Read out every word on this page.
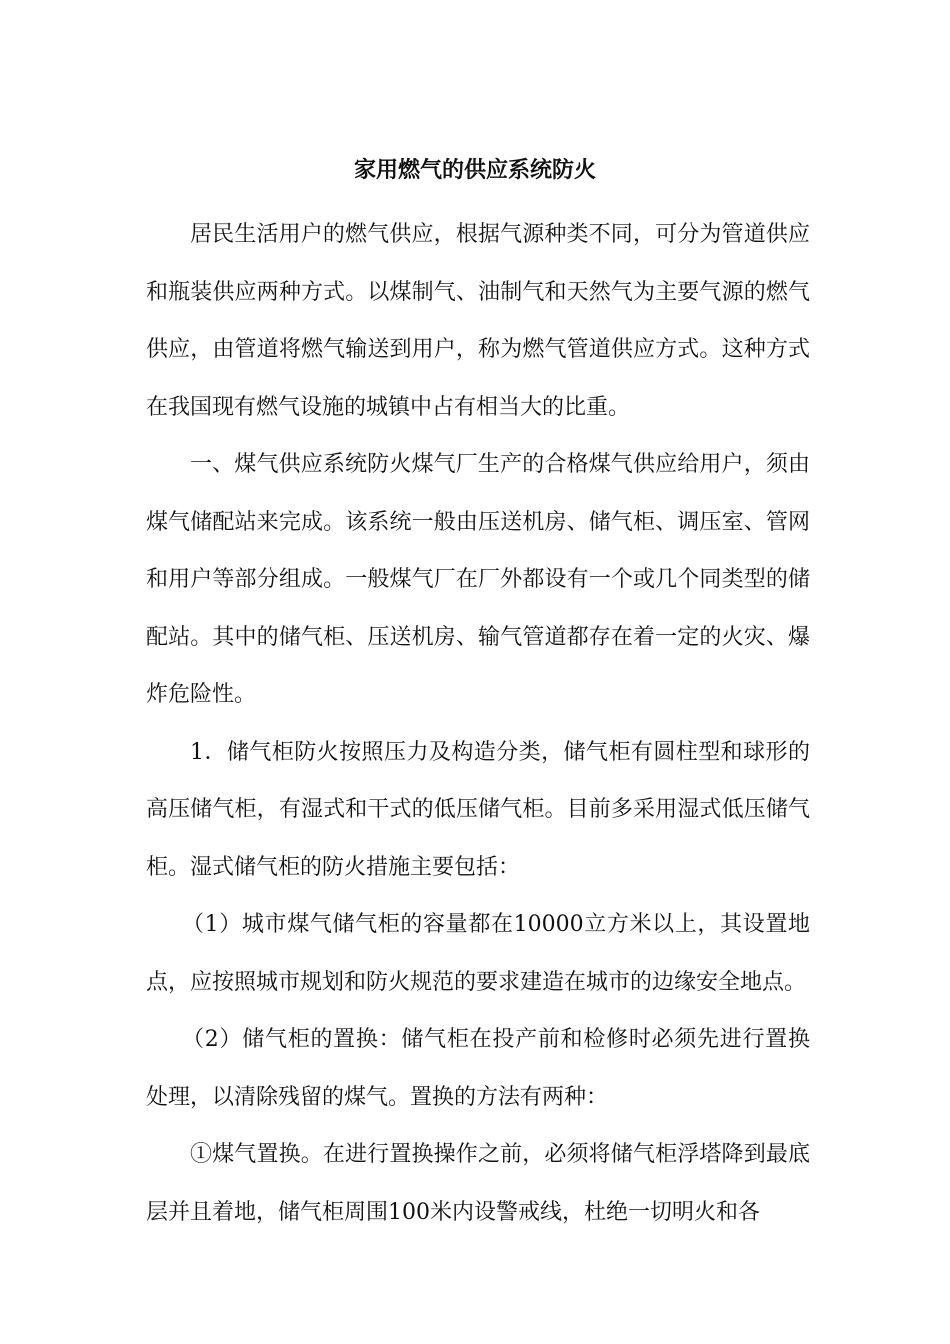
家用燃气的供应系统防火

居民生活用户的燃气供应，根据气源种类不同，可分为管道供应和瓶装供应两种方式。以煤制气、油制气和天然气为主要气源的燃气供应，由管道将燃气输送到用户，称为燃气管道供应方式。这种方式在我国现有燃气设施的城镇中占有相当大的比重。

一、煤气供应系统防火煤气厂生产的合格煤气供应给用户，须由煤气储配站来完成。该系统一般由压送机房、储气柜、调压室、管网和用户等部分组成。一般煤气厂在厂外都设有一个或几个同类型的储配站。其中的储气柜、压送机房、输气管道都存在着一定的火灾、爆炸危险性。

1．储气柜防火按照压力及构造分类，储气柜有圆柱型和球形的高压储气柜，有湿式和干式的低压储气柜。目前多采用湿式低压储气柜。湿式储气柜的防火措施主要包括：

（1）城市煤气储气柜的容量都在10000立方米以上，其设置地点，应按照城市规划和防火规范的要求建造在城市的边缘安全地点。

（2）储气柜的置换：储气柜在投产前和检修时必须先进行置换处理，以清除残留的煤气。置换的方法有两种：

①煤气置换。在进行置换操作之前，必须将储气柜浮塔降到最底层并且着地，储气柜周围100米内设警戒线，杜绝一切明火和各
